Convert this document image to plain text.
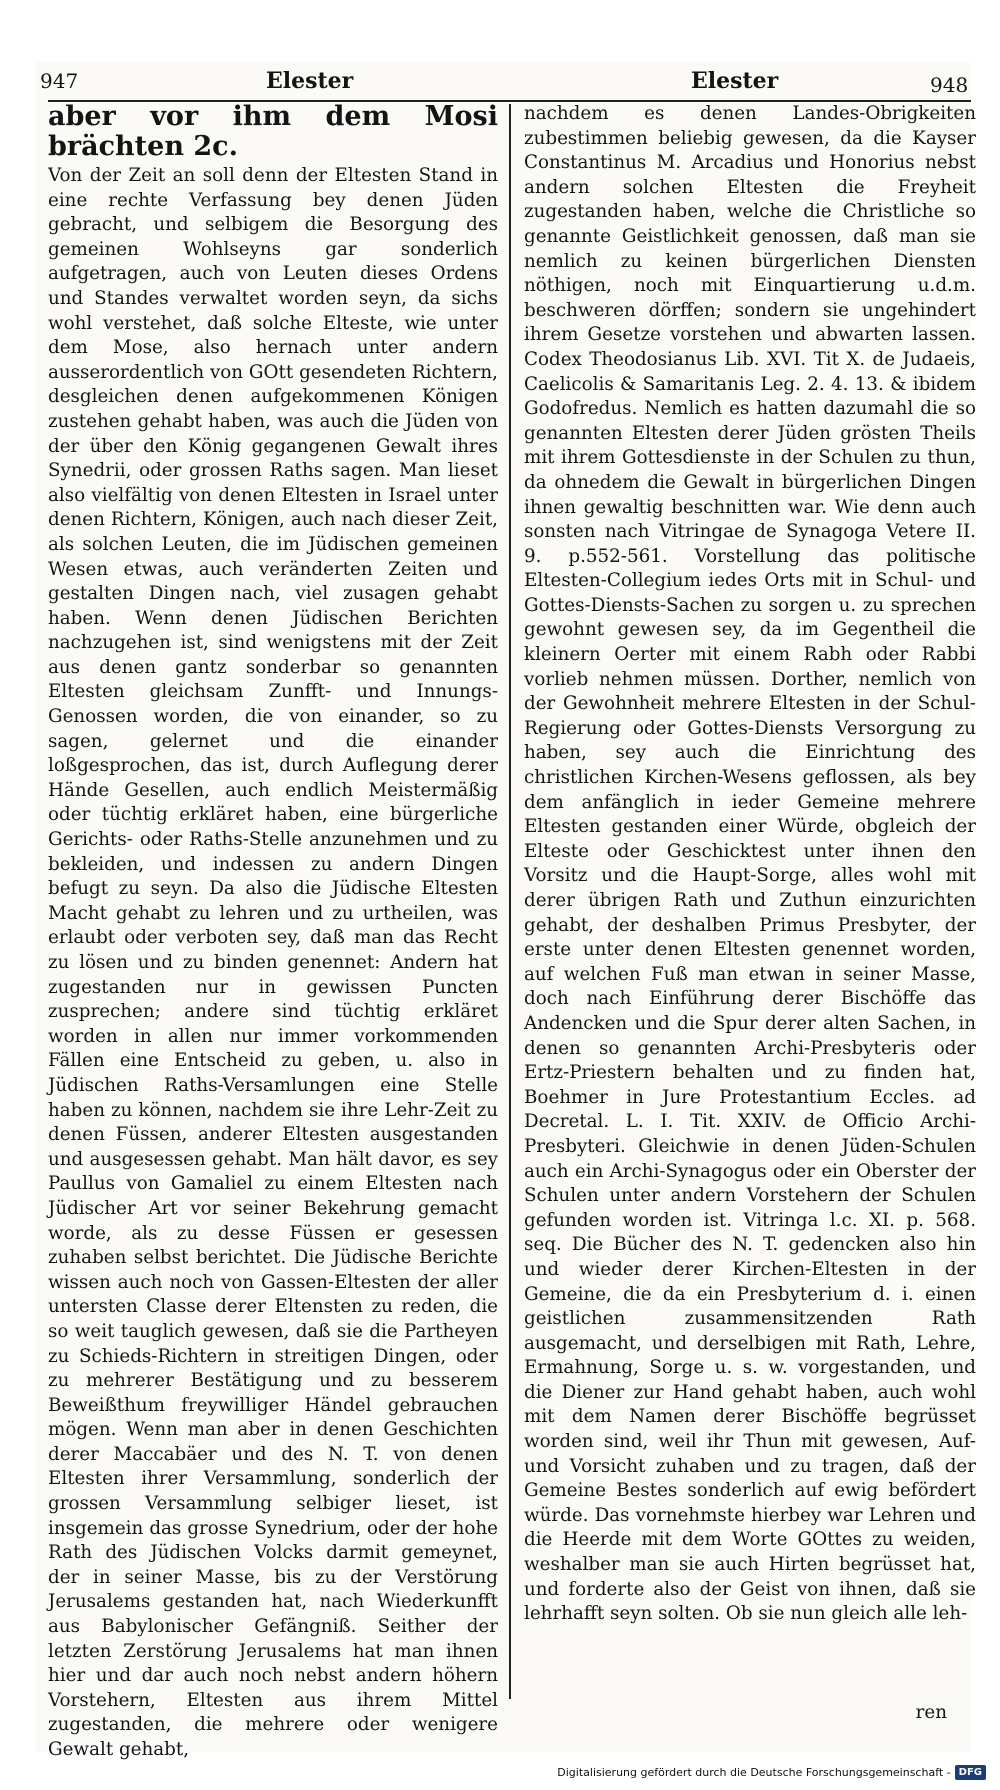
947	Elester	Elester	948
aber vor ihm dem Mosi brächten 2c.

Von der Zeit an soll denn der Eltesten Stand in eine rechte Verfassung bey denen Jüden gebracht, und selbigem die Besorgung des gemeinen Wohlseyns gar sonderlich aufgetragen, auch von Leuten dieses Ordens und Standes verwaltet worden seyn, da sichs wohl verstehet, daß solche Elteste, wie unter dem Mose, also hernach unter andern ausserordentlich von GOtt gesendeten Richtern, desgleichen denen aufgekommenen Königen zustehen gehabt haben, was auch die Jüden von der über den König gegangenen Gewalt ihres Synedrii, oder grossen Raths sagen. Man lieset also vielfältig von denen Eltesten in Israel unter denen Richtern, Königen, auch nach dieser Zeit, als solchen Leuten, die im Jüdischen gemeinen Wesen etwas, auch veränderten Zeiten und gestalten Dingen nach, viel zusagen gehabt haben. Wenn denen Jüdischen Berichten nachzugehen ist, sind wenigstens mit der Zeit aus denen gantz sonderbar so genannten Eltesten gleichsam Zunfft- und Innungs-Genossen worden, die von einander, so zu sagen, gelernet und die einander loßgesprochen, das ist, durch Auflegung derer Hände Gesellen, auch endlich Meistermäßig oder tüchtig erkläret haben, eine bürgerliche Gerichts- oder Raths-Stelle anzunehmen und zu bekleiden, und indessen zu andern Dingen befugt zu seyn. Da also die Jüdische Eltesten Macht gehabt zu lehren und zu urtheilen, was erlaubt oder verboten sey, daß man das Recht zu lösen und zu binden genennet: Andern hat zugestanden nur in gewissen Puncten zusprechen; andere sind tüchtig erkläret worden in allen nur immer vorkommenden Fällen eine Entscheid zu geben, u. also in Jüdischen Raths-Versamlungen eine Stelle haben zu können, nachdem sie ihre Lehr-Zeit zu denen Füssen, anderer Eltesten ausgestanden und ausgesessen gehabt. Man hält davor, es sey Paullus von Gamaliel zu einem Eltesten nach Jüdischer Art vor seiner Bekehrung gemacht worde, als zu desse Füssen er gesessen zuhaben selbst berichtet. Die Jüdische Berichte wissen auch noch von Gassen-Eltesten der aller untersten Classe derer Eltensten zu reden, die so weit tauglich gewesen, daß sie die Partheyen zu Schieds-Richtern in streitigen Dingen, oder zu mehrerer Bestätigung und zu besserem Beweißthum freywilliger Händel gebrauchen mögen. Wenn man aber in denen Geschichten derer Maccabäer und des N. T. von denen Eltesten ihrer Versammlung, sonderlich der grossen Versammlung selbiger lieset, ist insgemein das grosse Synedrium, oder der hohe Rath des Jüdischen Volcks darmit gemeynet, der in seiner Masse, bis zu der Verstörung Jerusalems gestanden hat, nach Wiederkunfft aus Babylonischer Gefängniß. Seither der letzten Zerstörung Jerusalems hat man ihnen hier und dar auch noch nebst andern höhern Vorstehern, Eltesten aus ihrem Mittel zugestanden, die mehrere oder wenigere Gewalt gehabt,

nachdem es denen Landes-Obrigkeiten zubestimmen beliebig gewesen, da die Kayser Constantinus M. Arcadius und Honorius nebst andern solchen Eltesten die Freyheit zugestanden haben, welche die Christliche so genannte Geistlichkeit genossen, daß man sie nemlich zu keinen bürgerlichen Diensten nöthigen, noch mit Einquartierung u.d.m. beschweren dörffen; sondern sie ungehindert ihrem Gesetze vorstehen und abwarten lassen. Codex Theodosianus Lib. XVI. Tit X. de Judaeis, Caelicolis & Samaritanis Leg. 2. 4. 13. & ibidem Godofredus. Nemlich es hatten dazumahl die so genannten Eltesten derer Jüden grösten Theils mit ihrem Gottesdienste in der Schulen zu thun, da ohnedem die Gewalt in bürgerlichen Dingen ihnen gewaltig beschnitten war. Wie denn auch sonsten nach Vitringae de Synagoga Vetere II. 9. p.552-561. Vorstellung das politische Eltesten-Collegium iedes Orts mit in Schul- und Gottes-Diensts-Sachen zu sorgen u. zu sprechen gewohnt gewesen sey, da im Gegentheil die kleinern Oerter mit einem Rabh oder Rabbi vorlieb nehmen müssen. Dorther, nemlich von der Gewohnheit mehrere Eltesten in der Schul-Regierung oder Gottes-Diensts Versorgung zu haben, sey auch die Einrichtung des christlichen Kirchen-Wesens geflossen, als bey dem anfänglich in ieder Gemeine mehrere Eltesten gestanden einer Würde, obgleich der Elteste oder Geschicktest unter ihnen den Vorsitz und die Haupt-Sorge, alles wohl mit derer übrigen Rath und Zuthun einzurichten gehabt, der deshalben Primus Presbyter, der erste unter denen Eltesten genennet worden, auf welchen Fuß man etwan in seiner Masse, doch nach Einführung derer Bischöffe das Andencken und die Spur derer alten Sachen, in denen so genannten Archi-Presbyteris oder Ertz-Priestern behalten und zu finden hat, Boehmer in Jure Protestantium Eccles. ad Decretal. L. I. Tit. XXIV. de Officio Archi-Presbyteri. Gleichwie in denen Jüden-Schulen auch ein Archi-Synagogus oder ein Oberster der Schulen unter andern Vorstehern der Schulen gefunden worden ist. Vitringa l.c. XI. p. 568. seq. Die Bücher des N. T. gedencken also hin und wieder derer Kirchen-Eltesten in der Gemeine, die da ein Presbyterium d. i. einen geistlichen zusammensitzenden Rath ausgemacht, und derselbigen mit Rath, Lehre, Ermahnung, Sorge u. s. w. vorgestanden, und die Diener zur Hand gehabt haben, auch wohl mit dem Namen derer Bischöffe begrüsset worden sind, weil ihr Thun mit gewesen, Auf- und Vorsicht zuhaben und zu tragen, daß der Gemeine Bestes sonderlich auf ewig befördert würde. Das vornehmste hierbey war Lehren und die Heerde mit dem Worte GOttes zu weiden, weshalber man sie auch Hirten begrüsset hat, und forderte also der Geist von ihnen, daß sie lehrhafft seyn solten. Ob sie nun gleich alle leh-

ren
Digitalisierung gefördert durch die Deutsche Forschungsgemeinschaft - DFG
